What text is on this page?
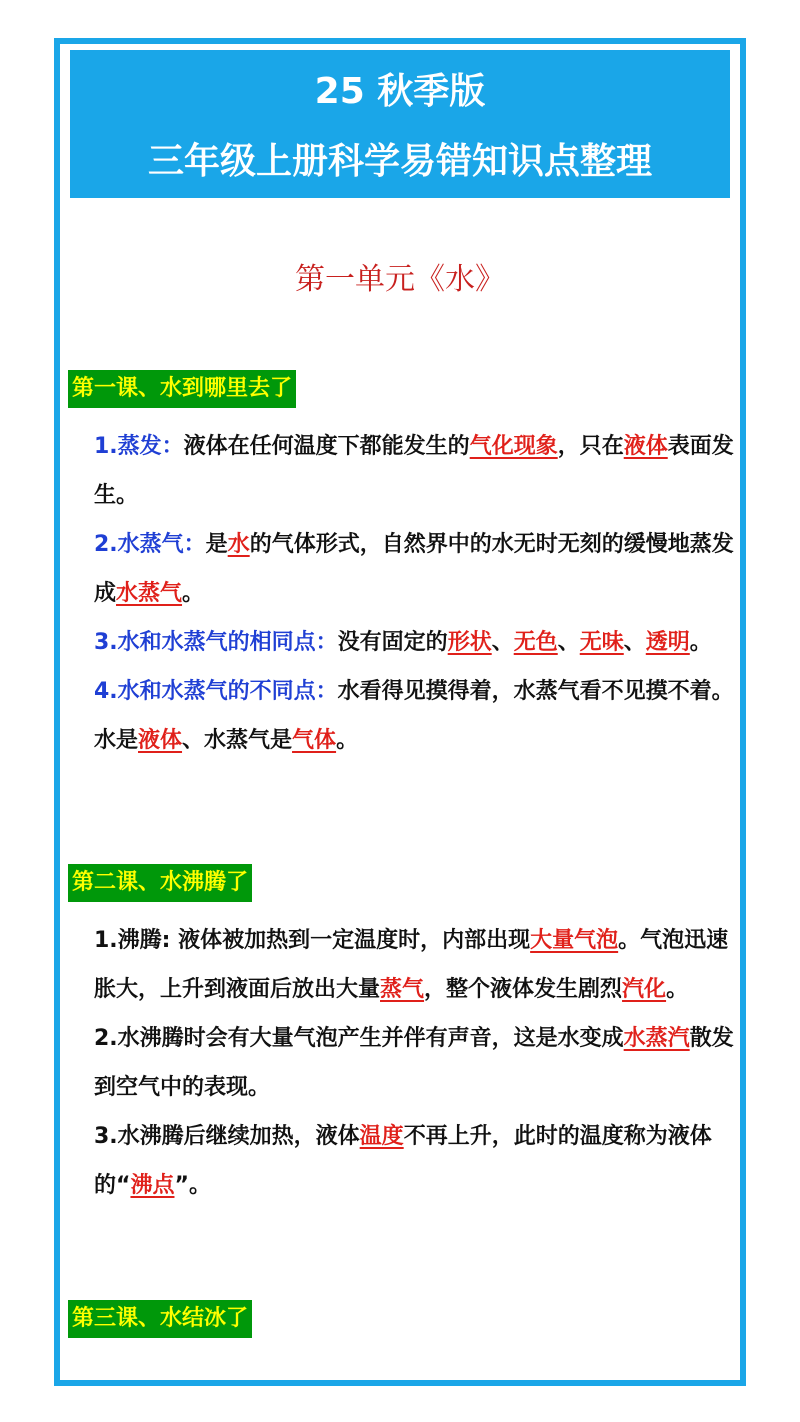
25 秋季版
三年级上册科学易错知识点整理
第一单元《水》
第一课、水到哪里去了

1.蒸发：液体在任何温度下都能发生的气化现象，只在液体表面发生。

2.水蒸气：是水的气体形式，自然界中的水无时无刻的缓慢地蒸发成水蒸气。

3.水和水蒸气的相同点：没有固定的形状、无色、无味、透明。

4.水和水蒸气的不同点：水看得见摸得着，水蒸气看不见摸不着。水是液体、水蒸气是气体。

第二课、水沸腾了

1.沸腾: 液体被加热到一定温度时，内部出现大量气泡。气泡迅速胀大，上升到液面后放出大量蒸气，整个液体发生剧烈汽化。

2.水沸腾时会有大量气泡产生并伴有声音，这是水变成水蒸汽散发到空气中的表现。

3.水沸腾后继续加热，液体温度不再上升，此时的温度称为液体的“沸点”。

第三课、水结冰了
